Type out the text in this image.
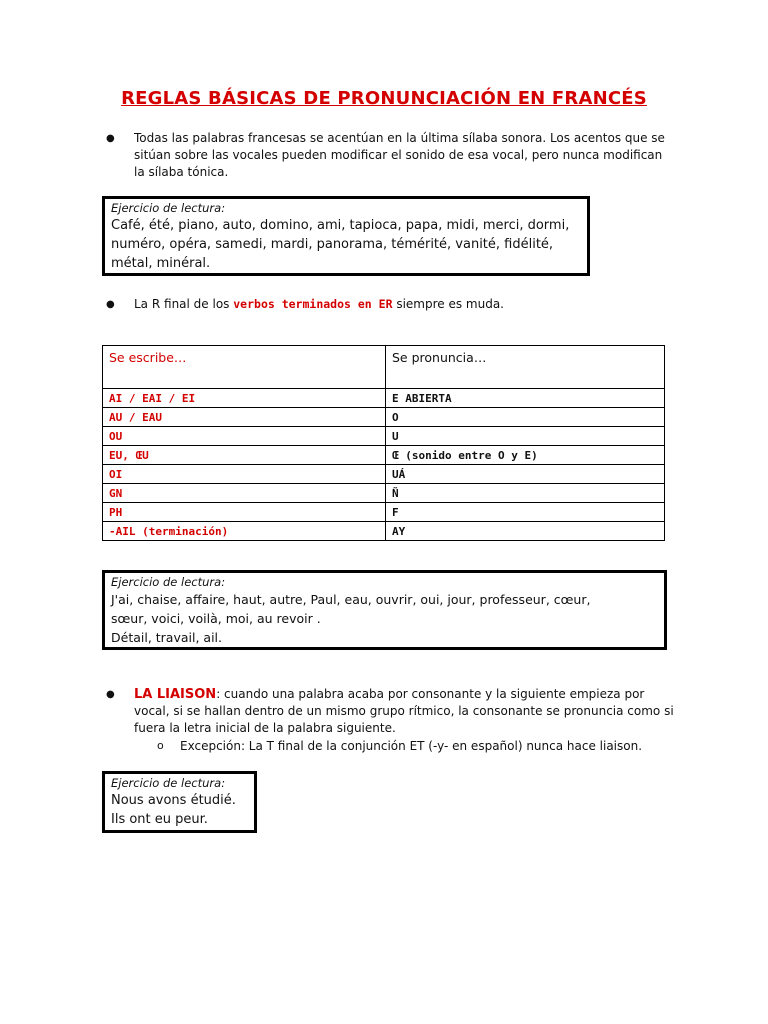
REGLAS BÁSICAS DE PRONUNCIACIÓN EN FRANCÉS
● Todas las palabras francesas se acentúan en la última sílaba sonora. Los acentos que se
sitúan sobre las vocales pueden modificar el sonido de esa vocal, pero nunca modifican
la sílaba tónica.
Ejercicio de lectura:
Café, été, piano, auto, domino, ami, tapioca, papa, midi, merci, dormi,
numéro, opéra, samedi, mardi, panorama, témérité, vanité, fidélité,
métal, minéral.
● La R final de los verbos terminados en ER siempre es muda.
Se escribe…	Se pronuncia…
AI / EAI / EI	E ABIERTA
AU / EAU	O
OU	U
EU, ŒU	Œ (sonido entre O y E)
OI	UÁ
GN	Ñ
PH	F
-AIL (terminación)	AY
Ejercicio de lectura:
J'ai, chaise, affaire, haut, autre, Paul, eau, ouvrir, oui, jour, professeur, cœur,
sœur, voici, voilà, moi, au revoir .
Détail, travail, ail.
● LA LIAISON: cuando una palabra acaba por consonante y la siguiente empieza por
vocal, si se hallan dentro de un mismo grupo rítmico, la consonante se pronuncia como si
fuera la letra inicial de la palabra siguiente.
o Excepción: La T final de la conjunción ET (-y- en español) nunca hace liaison.
Ejercicio de lectura:
Nous avons étudié.
Ils ont eu peur.
